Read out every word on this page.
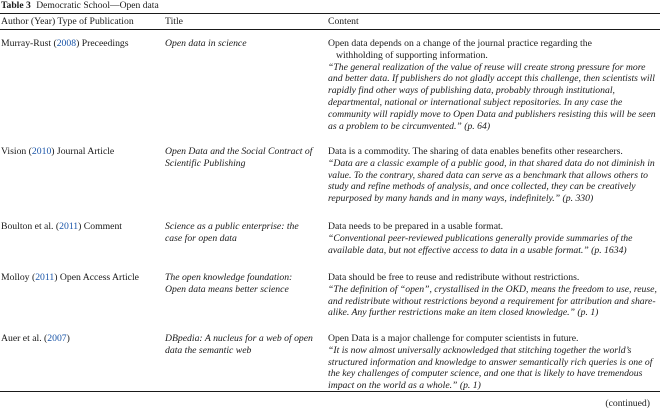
Table 3 Democratic School—Open data
Author (Year) Type of Publication	Title	Content
Murray-Rust (2008) Preceedings	Open data in science	Open data depends on a change of the journal practice regarding the
withholding of supporting information.
“The general realization of the value of reuse will create strong pressure for more and better data. If publishers do not gladly accept this challenge, then scientists will rapidly find other ways of publishing data, probably through institutional, departmental, national or international subject repositories. In any case the community will rapidly move to Open Data and publishers resisting this will be seen as a problem to be circumvented.” (p. 64)
Vision (2010) Journal Article	Open Data and the Social Contract of Scientific Publishing
Data is a commodity. The sharing of data enables benefits other researchers.
“Data are a classic example of a public good, in that shared data do not diminish in value. To the contrary, shared data can serve as a benchmark that allows others to study and refine methods of analysis, and once collected, they can be creatively repurposed by many hands and in many ways, indefinitely.” (p. 330)
Boulton et al. (2011) Comment	Science as a public enterprise: the case for open data
Data needs to be prepared in a usable format.
“Conventional peer-reviewed publications generally provide summaries of the available data, but not effective access to data in a usable format.” (p. 1634)
Molloy (2011) Open Access Article	The open knowledge foundation: Open data means better science
Data should be free to reuse and redistribute without restrictions.
“The definition of “open”, crystallised in the OKD, means the freedom to use, reuse, and redistribute without restrictions beyond a requirement for attribution and share-alike. Any further restrictions make an item closed knowledge.” (p. 1)
Auer et al. (2007)	DBpedia: A nucleus for a web of open data the semantic web
Open Data is a major challenge for computer scientists in future.
“It is now almost universally acknowledged that stitching together the world’s structured information and knowledge to answer semantically rich queries is one of the key challenges of computer science, and one that is likely to have tremendous impact on the world as a whole.” (p. 1)
(continued)
